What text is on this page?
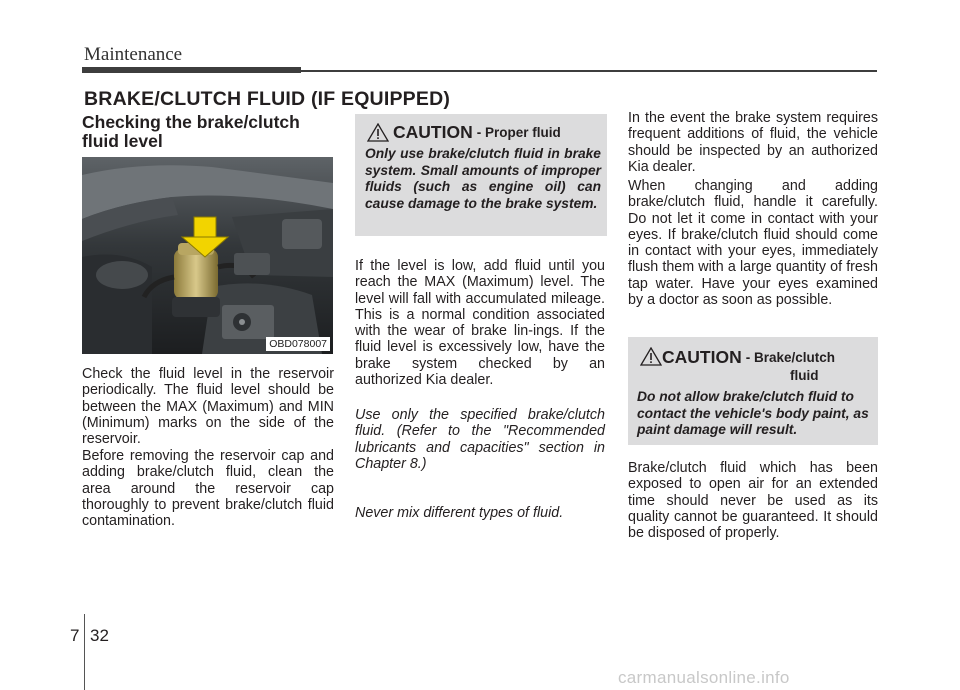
Maintenance
BRAKE/CLUTCH FLUID (IF EQUIPPED)
Checking the brake/clutch fluid level
OBD078007

Check the fluid level in the reservoir periodically. The fluid level should be between the MAX (Maximum) and MIN (Minimum) marks on the side of the reservoir.

Before removing the reservoir cap and adding brake/clutch fluid, clean the area around the reservoir cap thoroughly to prevent brake/clutch fluid contamination.

CAUTION - Proper fluid

Only use brake/clutch fluid in brake system. Small amounts of improper fluids (such as engine oil) can cause damage to the brake system.

If the level is low, add fluid until you reach the MAX (Maximum) level. The level will fall with accumulated mileage. This is a normal condition associated with the wear of brake lin-ings. If the fluid level is excessively low, have the brake system checked by an authorized Kia dealer.

Use only the specified brake/clutch fluid. (Refer to the "Recommended lubricants and capacities" section in Chapter 8.)

Never mix different types of fluid.

In the event the brake system requires frequent additions of fluid, the vehicle should be inspected by an authorized Kia dealer.

When changing and adding brake/clutch fluid, handle it carefully. Do not let it come in contact with your eyes. If brake/clutch fluid should come in contact with your eyes, immediately flush them with a large quantity of fresh tap water. Have your eyes examined by a doctor as soon as possible.

CAUTION - Brake/clutch
fluid

Do not allow brake/clutch fluid to contact the vehicle's body paint, as paint damage will result.

Brake/clutch fluid which has been exposed to open air for an extended time should never be used as its quality cannot be guaranteed. It should be disposed of properly.

7 32
carmanualsonline.info
